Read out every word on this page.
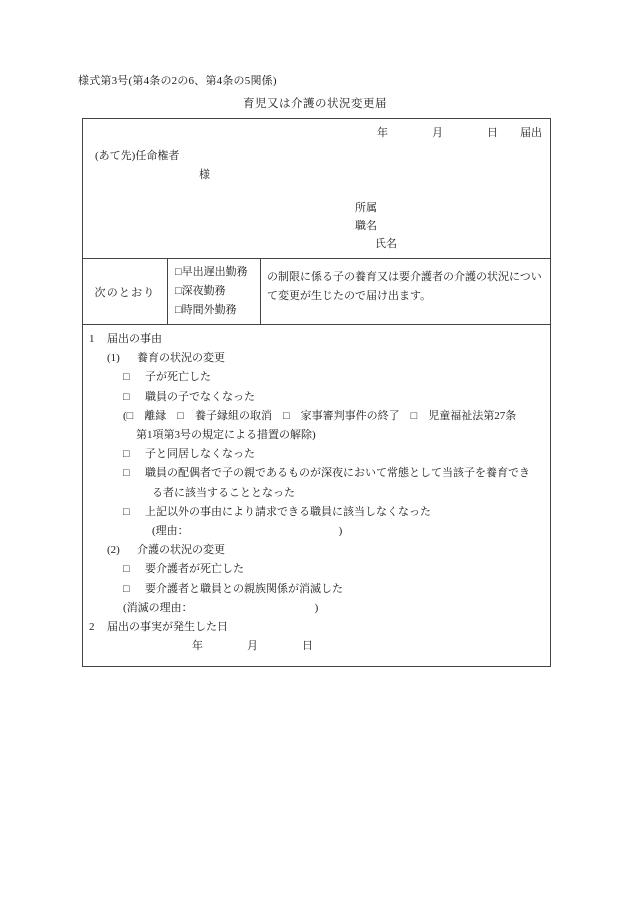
様式第3号(第4条の2の6、第4条の5関係)
育児又は介護の状況変更届
年　　　　月　　　　日　　届出
(あて先)任命権者
様
所属
職名
氏名
次のとおり
□早出遅出勤務
□深夜勤務
□時間外勤務
の制限に係る子の養育又は要介護者の介護の状況について変更が生じたので届け出ます。
1 届出の事由
(1) 養育の状況の変更
□ 子が死亡した
□ 職員の子でなくなった
(□　離縁　□　養子縁組の取消　□　家事審判事件の終了　□　児童福祉法第27条
第1項第3号の規定による措置の解除)
□ 子と同居しなくなった
□ 職員の配偶者で子の親であるものが深夜において常態として当該子を養育でき
る者に該当することとなった
□ 上記以外の事由により請求できる職員に該当しなくなった
(理由：	)
(2) 介護の状況の変更
□ 要介護者が死亡した
□ 要介護者と職員との親族関係が消滅した
(消滅の理由：	)
2 届出の事実が発生した日
年　　　　月　　　　日
